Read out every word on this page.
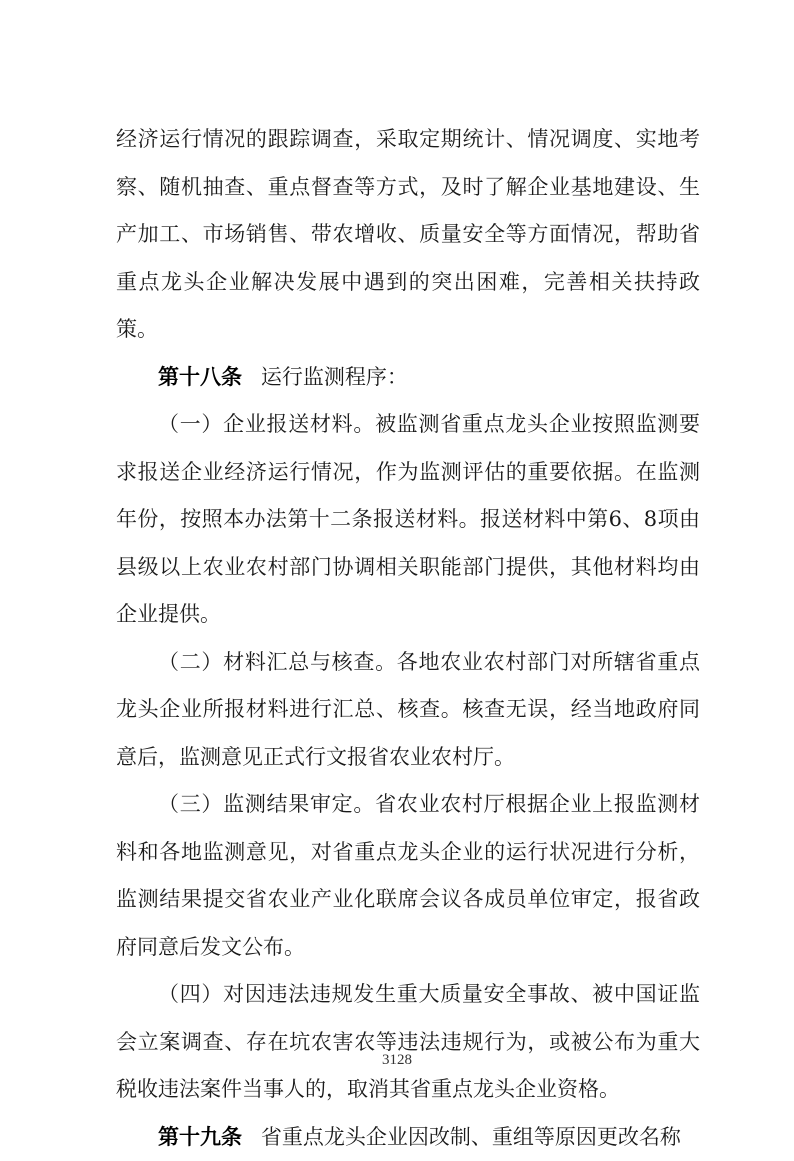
经济运行情况的跟踪调查，采取定期统计、情况调度、实地考察、随机抽查、重点督查等方式，及时了解企业基地建设、生产加工、市场销售、带农增收、质量安全等方面情况，帮助省重点龙头企业解决发展中遇到的突出困难，完善相关扶持政策。

第十八条 运行监测程序：

（一）企业报送材料。被监测省重点龙头企业按照监测要求报送企业经济运行情况，作为监测评估的重要依据。在监测年份，按照本办法第十二条报送材料。报送材料中第6、8项由县级以上农业农村部门协调相关职能部门提供，其他材料均由企业提供。

（二）材料汇总与核查。各地农业农村部门对所辖省重点龙头企业所报材料进行汇总、核查。核查无误，经当地政府同意后，监测意见正式行文报省农业农村厅。

（三）监测结果审定。省农业农村厅根据企业上报监测材料和各地监测意见，对省重点龙头企业的运行状况进行分析，监测结果提交省农业产业化联席会议各成员单位审定，报省政府同意后发文公布。

（四）对因违法违规发生重大质量安全事故、被中国证监会立案调查、存在坑农害农等违法违规行为，或被公布为重大税收违法案件当事人的，取消其省重点龙头企业资格。

第十九条 省重点龙头企业因改制、重组等原因更改名称

3128
